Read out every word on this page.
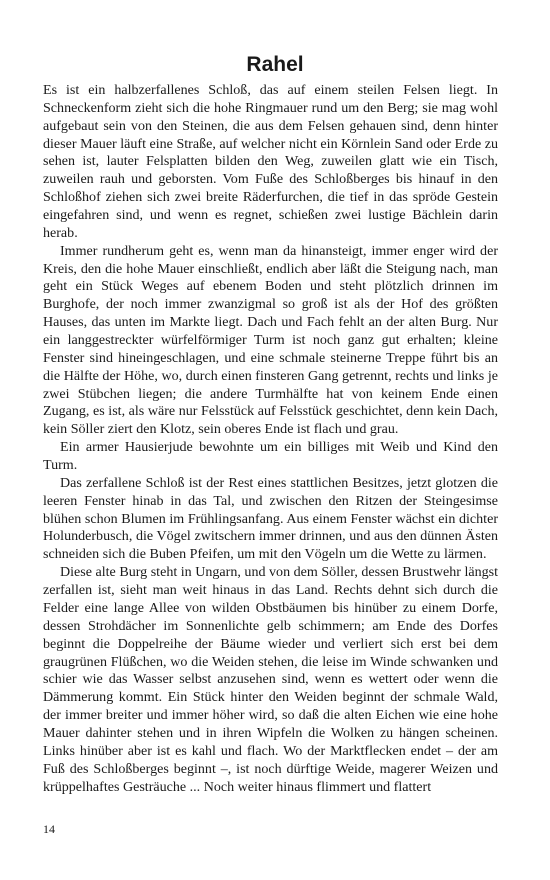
Rahel

Es ist ein halbzerfallenes Schloß, das auf einem steilen Felsen liegt. In Schneckenform zieht sich die hohe Ringmauer rund um den Berg; sie mag wohl aufgebaut sein von den Steinen, die aus dem Felsen gehauen sind, denn hinter dieser Mauer läuft eine Straße, auf welcher nicht ein Körnlein Sand oder Erde zu sehen ist, lauter Felsplatten bilden den Weg, zuweilen glatt wie ein Tisch, zuweilen rauh und geborsten. Vom Fuße des Schloßberges bis hinauf in den Schloßhof ziehen sich zwei breite Räderfurchen, die tief in das spröde Gestein eingefahren sind, und wenn es regnet, schießen zwei lustige Bächlein darin herab.

Immer rundherum geht es, wenn man da hinansteigt, immer enger wird der Kreis, den die hohe Mauer einschließt, endlich aber läßt die Steigung nach, man geht ein Stück Weges auf ebenem Boden und steht plötzlich drinnen im Burghofe, der noch immer zwanzigmal so groß ist als der Hof des größten Hauses, das unten im Markte liegt. Dach und Fach fehlt an der alten Burg. Nur ein langgestreckter würfelförmiger Turm ist noch ganz gut erhalten; kleine Fenster sind hineingeschlagen, und eine schmale steinerne Treppe führt bis an die Hälfte der Höhe, wo, durch einen finsteren Gang getrennt, rechts und links je zwei Stübchen liegen; die andere Turmhälfte hat von keinem Ende einen Zugang, es ist, als wäre nur Felsstück auf Felsstück geschichtet, denn kein Dach, kein Söller ziert den Klotz, sein oberes Ende ist flach und grau.

Ein armer Hausierjude bewohnte um ein billiges mit Weib und Kind den Turm.

Das zerfallene Schloß ist der Rest eines stattlichen Besitzes, jetzt glotzen die leeren Fenster hinab in das Tal, und zwischen den Ritzen der Steingesimse blühen schon Blumen im Frühlingsanfang. Aus einem Fenster wächst ein dichter Holunderbusch, die Vögel zwitschern immer drinnen, und aus den dünnen Ästen schneiden sich die Buben Pfeifen, um mit den Vögeln um die Wette zu lärmen.

Diese alte Burg steht in Ungarn, und von dem Söller, dessen Brustwehr längst zerfallen ist, sieht man weit hinaus in das Land. Rechts dehnt sich durch die Felder eine lange Allee von wilden Obstbäumen bis hinüber zu einem Dorfe, dessen Strohdächer im Sonnenlichte gelb schimmern; am Ende des Dorfes beginnt die Doppelreihe der Bäume wieder und verliert sich erst bei dem graugrünen Flüßchen, wo die Weiden stehen, die leise im Winde schwanken und schier wie das Wasser selbst anzusehen sind, wenn es wettert oder wenn die Dämmerung kommt. Ein Stück hinter den Weiden beginnt der schmale Wald, der immer breiter und immer höher wird, so daß die alten Eichen wie eine hohe Mauer dahinter stehen und in ihren Wipfeln die Wolken zu hängen scheinen. Links hinüber aber ist es kahl und flach. Wo der Marktflecken endet – der am Fuß des Schloßberges beginnt –, ist noch dürftige Weide, magerer Weizen und krüppelhaftes Gesträuche ... Noch weiter hinaus flimmert und flattert

14
